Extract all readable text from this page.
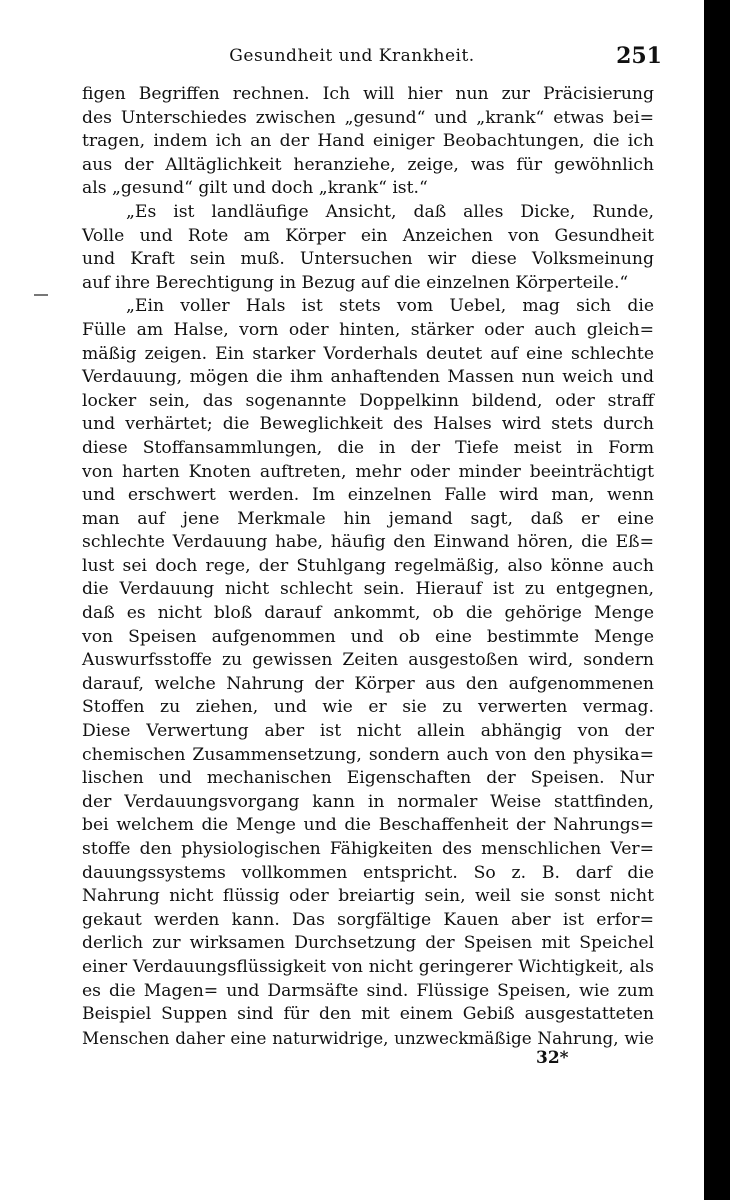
Gesundheit und Krankheit.	251
figen Begriffen rechnen. Ich will hier nun zur Präcisierung
des Unterschiedes zwischen „gesund“ und „krank“ etwas bei=
tragen, indem ich an der Hand einiger Beobachtungen, die ich
aus der Alltäglichkeit heranziehe, zeige, was für gewöhnlich
als „gesund“ gilt und doch „krank“ ist.“
„Es ist landläufige Ansicht, daß alles Dicke, Runde,
Volle und Rote am Körper ein Anzeichen von Gesundheit
und Kraft sein muß. Untersuchen wir diese Volksmeinung
auf ihre Berechtigung in Bezug auf die einzelnen Körperteile.“
„Ein voller Hals ist stets vom Uebel, mag sich die
Fülle am Halse, vorn oder hinten, stärker oder auch gleich=
mäßig zeigen. Ein starker Vorderhals deutet auf eine schlechte
Verdauung, mögen die ihm anhaftenden Massen nun weich und
locker sein, das sogenannte Doppelkinn bildend, oder straff
und verhärtet; die Beweglichkeit des Halses wird stets durch
diese Stoffansammlungen, die in der Tiefe meist in Form
von harten Knoten auftreten, mehr oder minder beeinträchtigt
und erschwert werden. Im einzelnen Falle wird man, wenn
man auf jene Merkmale hin jemand sagt, daß er eine
schlechte Verdauung habe, häufig den Einwand hören, die Eß=
lust sei doch rege, der Stuhlgang regelmäßig, also könne auch
die Verdauung nicht schlecht sein. Hierauf ist zu entgegnen,
daß es nicht bloß darauf ankommt, ob die gehörige Menge
von Speisen aufgenommen und ob eine bestimmte Menge
Auswurfsstoffe zu gewissen Zeiten ausgestoßen wird, sondern
darauf, welche Nahrung der Körper aus den aufgenommenen
Stoffen zu ziehen, und wie er sie zu verwerten vermag.
Diese Verwertung aber ist nicht allein abhängig von der
chemischen Zusammensetzung, sondern auch von den physika=
lischen und mechanischen Eigenschaften der Speisen. Nur
der Verdauungsvorgang kann in normaler Weise stattfinden,
bei welchem die Menge und die Beschaffenheit der Nahrungs=
stoffe den physiologischen Fähigkeiten des menschlichen Ver=
dauungssystems vollkommen entspricht. So z. B. darf die
Nahrung nicht flüssig oder breiartig sein, weil sie sonst nicht
gekaut werden kann. Das sorgfältige Kauen aber ist erfor=
derlich zur wirksamen Durchsetzung der Speisen mit Speichel
einer Verdauungsflüssigkeit von nicht geringerer Wichtigkeit, als
es die Magen= und Darmsäfte sind. Flüssige Speisen, wie zum
Beispiel Suppen sind für den mit einem Gebiß ausgestatteten
Menschen daher eine naturwidrige, unzweckmäßige Nahrung, wie
32*
